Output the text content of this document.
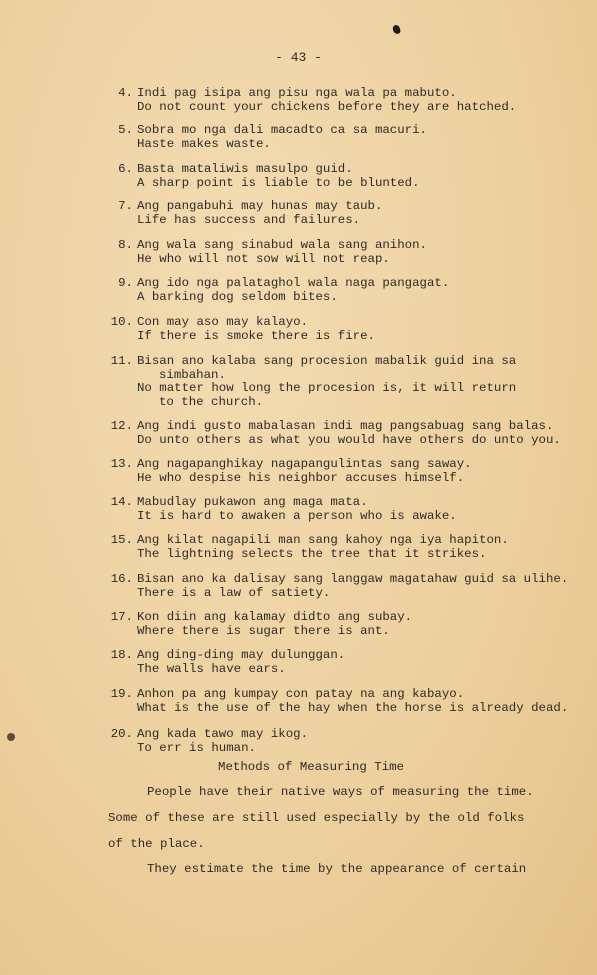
- 43 -
4. Indi pag isipa ang pisu nga wala pa mabuto.
Do not count your chickens before they are hatched.
5. Sobra mo nga dali macadto ca sa macuri.
Haste makes waste.
6. Basta mataliwis masulpo guid.
A sharp point is liable to be blunted.
7. Ang pangabuhi may hunas may taub.
Life has success and failures.
8. Ang wala sang sinabud wala sang anihon.
He who will not sow will not reap.
9. Ang ido nga palataghol wala naga pangagat.
A barking dog seldom bites.
10. Con may aso may kalayo.
If there is smoke there is fire.
11. Bisan ano kalaba sang procesion mabalik guid ina sa
simbahan.
No matter how long the procesion is, it will return
to the church.
12. Ang indi gusto mabalasan indi mag pangsabuag sang balas.
Do unto others as what you would have others do unto you.
13. Ang nagapanghikay nagapangulintas sang saway.
He who despise his neighbor accuses himself.
14. Mabudlay pukawon ang maga mata.
It is hard to awaken a person who is awake.
15. Ang kilat nagapili man sang kahoy nga iya hapiton.
The lightning selects the tree that it strikes.
16. Bisan ano ka dalisay sang langgaw magatahaw guid sa ulihe.
There is a law of satiety.
17. Kon diin ang kalamay didto ang subay.
Where there is sugar there is ant.
18. Ang ding-ding may dulunggan.
The walls have ears.
19. Anhon pa ang kumpay con patay na ang kabayo.
What is the use of the hay when the horse is already dead.
20. Ang kada tawo may ikog.
To err is human.
Methods of Measuring Time
People have their native ways of measuring the time.
Some of these are still used especially by the old folks
of the place.
They estimate the time by the appearance of certain
